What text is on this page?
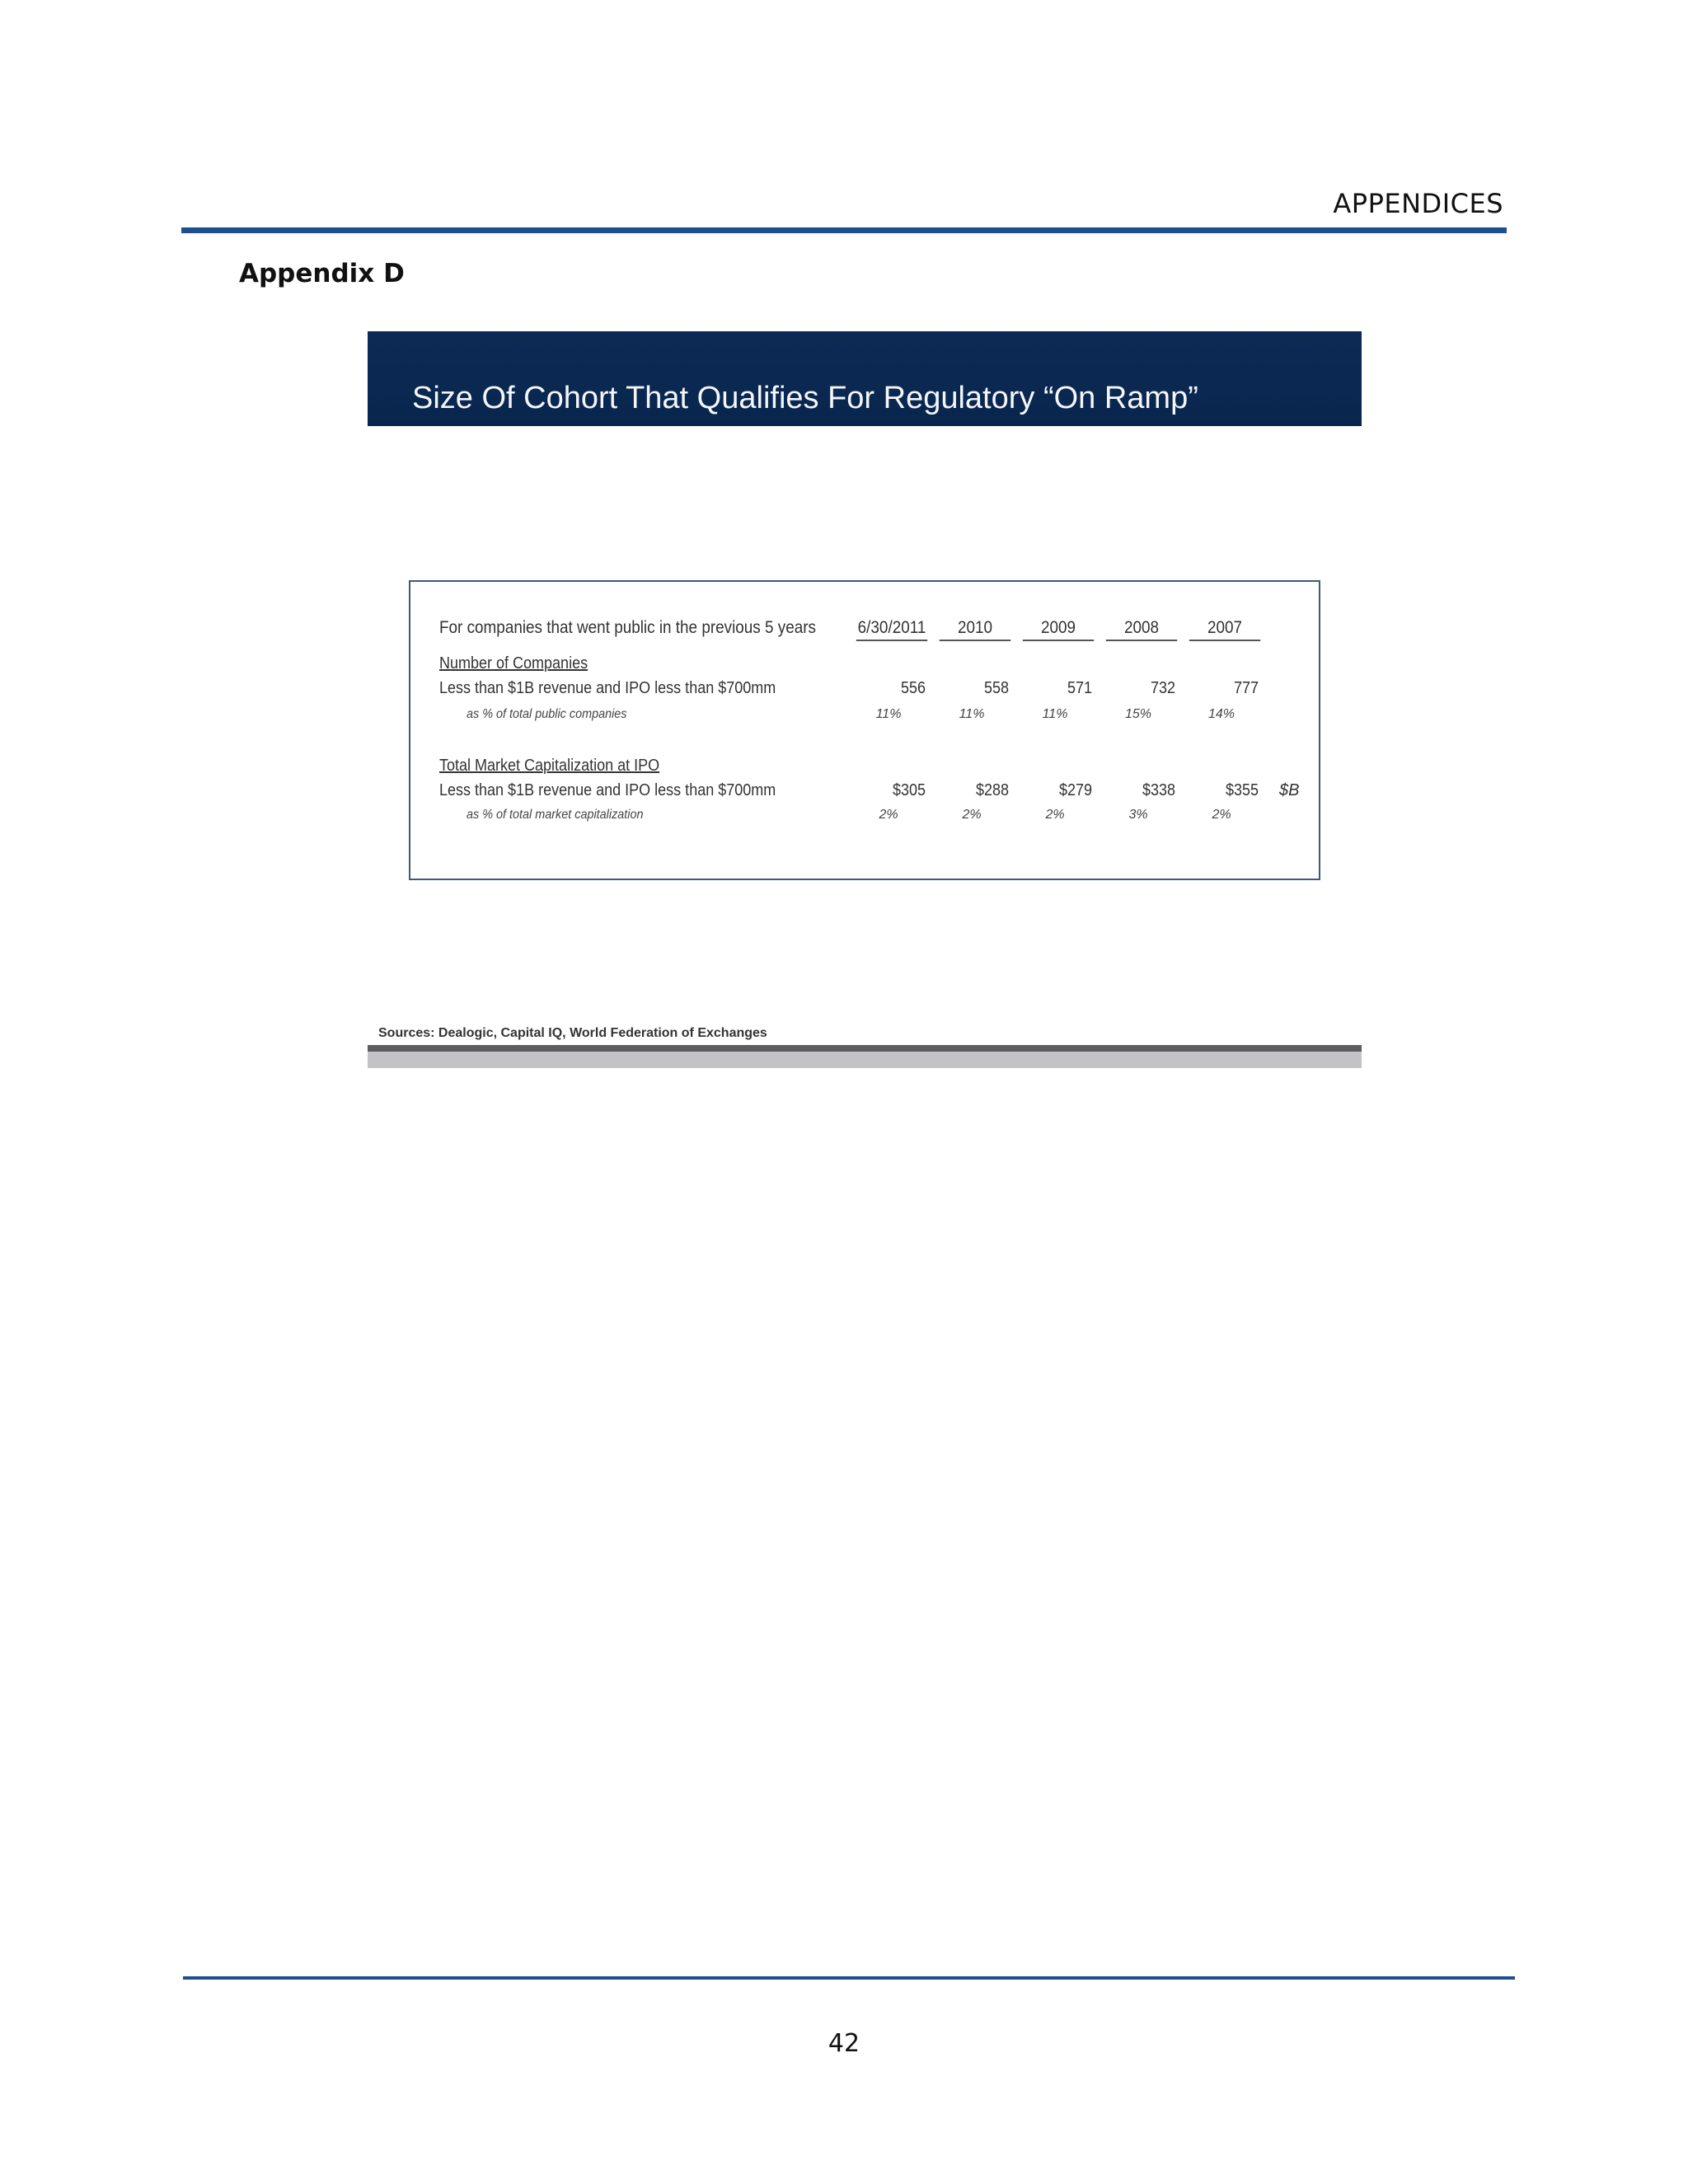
APPENDICES
Appendix D
Size Of Cohort That Qualifies For Regulatory “On Ramp”
For companies that went public in the previous 5 years 6/30/2011	2010	2009	2008	2007
Number of Companies
Less than $1B revenue and IPO less than $700mm	556	558	571	732	777
as % of total public companies	11%	11%	11%	15%	14%
Total Market Capitalization at IPO
Less than $1B revenue and IPO less than $700mm	$305	$288	$279	$338	$355 $B
as % of total market capitalization	2%	2%	2%	3%	2%
Sources: Dealogic, Capital IQ, World Federation of Exchanges
42
